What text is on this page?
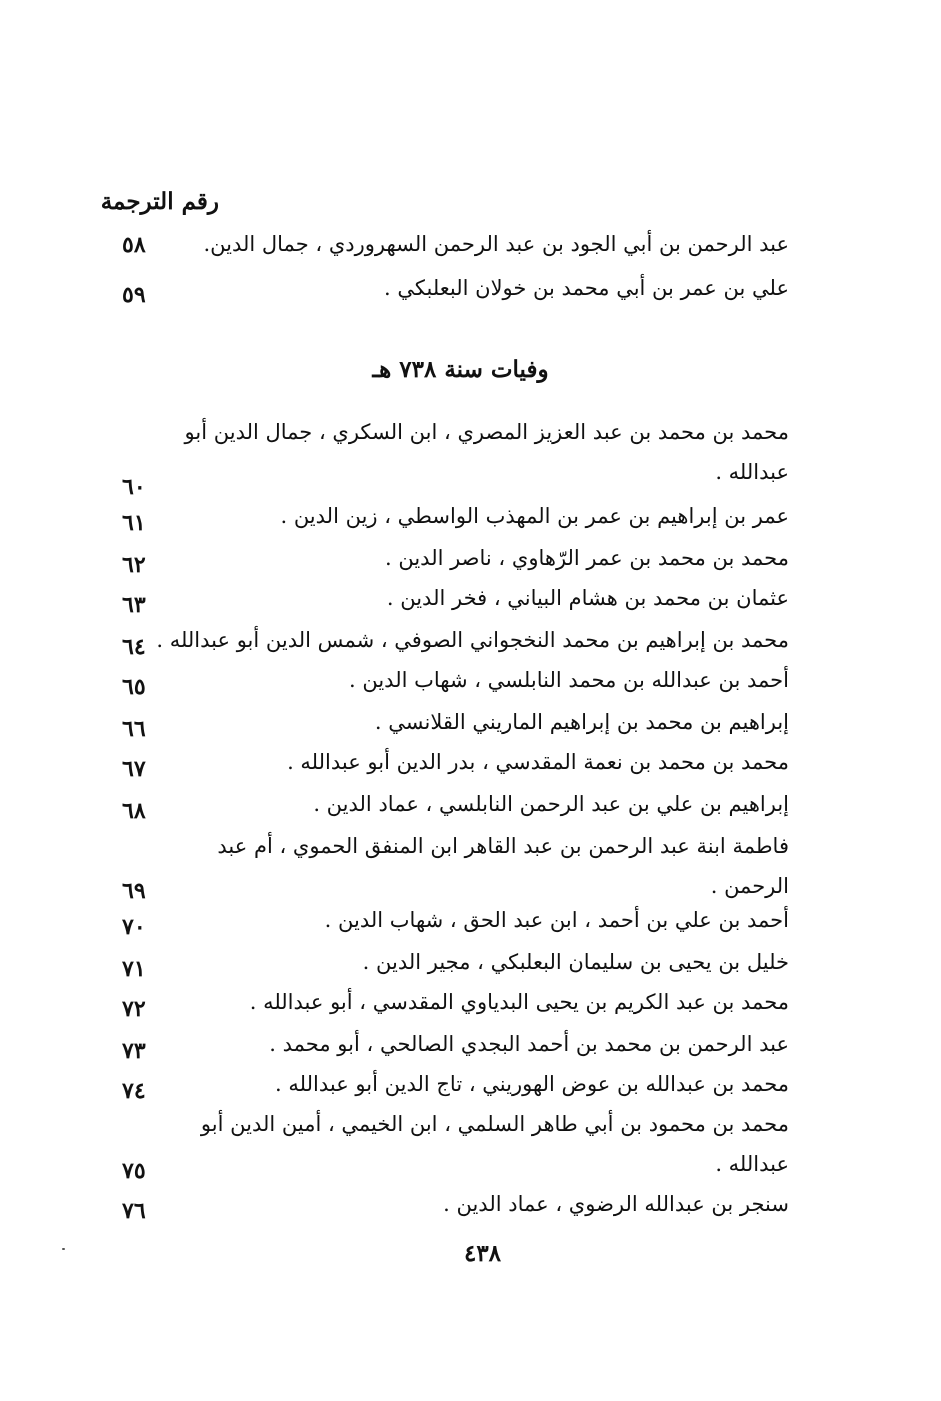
رقم الترجمة
عبد الرحمن بن أبي الجود بن عبد الرحمن السهروردي ، جمال الدين.
٥٨
علي بن عمر بن أبي محمد بن خولان البعلبكي .
٥٩
وفيات سنة ٧٣٨ هـ
محمد بن محمد بن عبد العزيز المصري ، ابن السكري ، جمال الدين أبو عبدالله .
٦٠
عمر بن إبراهيم بن عمر بن المهذب الواسطي ، زين الدين .
٦١
محمد بن محمد بن عمر الرّهاوي ، ناصر الدين .
٦٢
عثمان بن محمد بن هشام البياني ، فخر الدين .
٦٣
محمد بن إبراهيم بن محمد النخجواني الصوفي ، شمس الدين أبو عبدالله .
٦٤
أحمد بن عبدالله بن محمد النابلسي ، شهاب الدين .
٦٥
إبراهيم بن محمد بن إبراهيم الماريني القلانسي .
٦٦
محمد بن محمد بن نعمة المقدسي ، بدر الدين أبو عبدالله .
٦٧
إبراهيم بن علي بن عبد الرحمن النابلسي ، عماد الدين .
٦٨
فاطمة ابنة عبد الرحمن بن عبد القاهر ابن المنفق الحموي ، أم عبد الرحمن .
٦٩
أحمد بن علي بن أحمد ، ابن عبد الحق ، شهاب الدين .
٧٠
خليل بن يحيى بن سليمان البعلبكي ، مجير الدين .
٧١
محمد بن عبد الكريم بن يحيى البدياوي المقدسي ، أبو عبدالله .
٧٢
عبد الرحمن بن محمد بن أحمد البجدي الصالحي ، أبو محمد .
٧٣
محمد بن عبدالله بن عوض الهوريني ، تاج الدين أبو عبدالله .
٧٤
محمد بن محمود بن أبي طاهر السلمي ، ابن الخيمي ، أمين الدين أبو عبدالله .
٧٥
سنجر بن عبدالله الرضوي ، عماد الدين .
٧٦
٤٣٨
